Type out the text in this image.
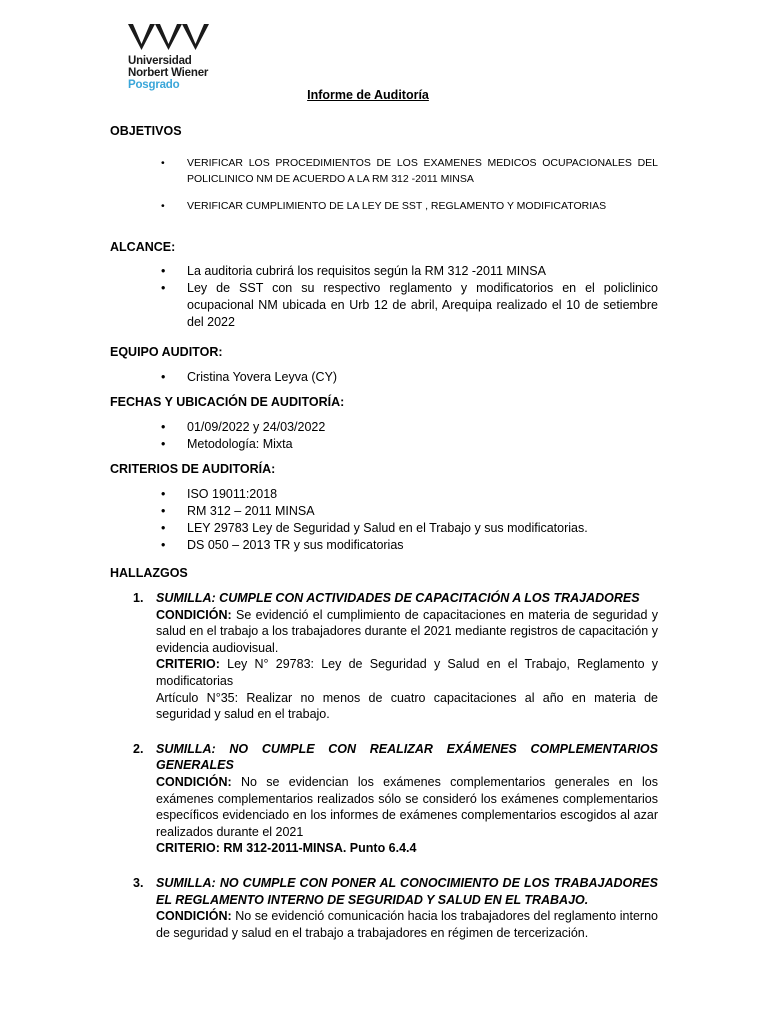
Universidad
Norbert Wiener
Posgrado
Informe de Auditoría

OBJETIVOS

• VERIFICAR LOS PROCEDIMIENTOS DE LOS EXAMENES MEDICOS OCUPACIONALES DEL POLICLINICO NM DE ACUERDO A LA RM 312 -2011 MINSA
• VERIFICAR CUMPLIMIENTO DE LA LEY DE SST , REGLAMENTO Y MODIFICATORIAS

ALCANCE:

• La auditoria cubrirá los requisitos según la RM 312 -2011 MINSA
• Ley de SST con su respectivo reglamento y modificatorios en el policlinico ocupacional NM ubicada en Urb 12 de abril, Arequipa realizado el 10 de setiembre del 2022

EQUIPO AUDITOR:

• Cristina Yovera Leyva (CY)

FECHAS Y UBICACIÓN DE AUDITORÍA:

• 01/09/2022 y 24/03/2022
• Metodología: Mixta

CRITERIOS DE AUDITORÍA:

• ISO 19011:2018
• RM 312 – 2011 MINSA
• LEY 29783 Ley de Seguridad y Salud en el Trabajo y sus modificatorias.
• DS 050 – 2013 TR y sus modificatorias

HALLAZGOS

1. SUMILLA: CUMPLE CON ACTIVIDADES DE CAPACITACIÓN A LOS TRAJADORES
CONDICIÓN: Se evidenció el cumplimiento de capacitaciones en materia de seguridad y salud en el trabajo a los trabajadores durante el 2021 mediante registros de capacitación y evidencia audiovisual.
CRITERIO: Ley N° 29783: Ley de Seguridad y Salud en el Trabajo, Reglamento y modificatorias
Artículo N°35: Realizar no menos de cuatro capacitaciones al año en materia de seguridad y salud en el trabajo.
2. SUMILLA: NO CUMPLE CON REALIZAR EXÁMENES COMPLEMENTARIOS GENERALES
CONDICIÓN: No se evidencian los exámenes complementarios generales en los exámenes complementarios realizados sólo se consideró los exámenes complementarios específicos evidenciado en los informes de exámenes complementarios escogidos al azar realizados durante el 2021
CRITERIO: RM 312-2011-MINSA. Punto 6.4.4
3. SUMILLA: NO CUMPLE CON PONER AL CONOCIMIENTO DE LOS TRABAJADORES EL REGLAMENTO INTERNO DE SEGURIDAD Y SALUD EN EL TRABAJO.
CONDICIÓN: No se evidenció comunicación hacia los trabajadores del reglamento interno de seguridad y salud en el trabajo a trabajadores en régimen de tercerización.
